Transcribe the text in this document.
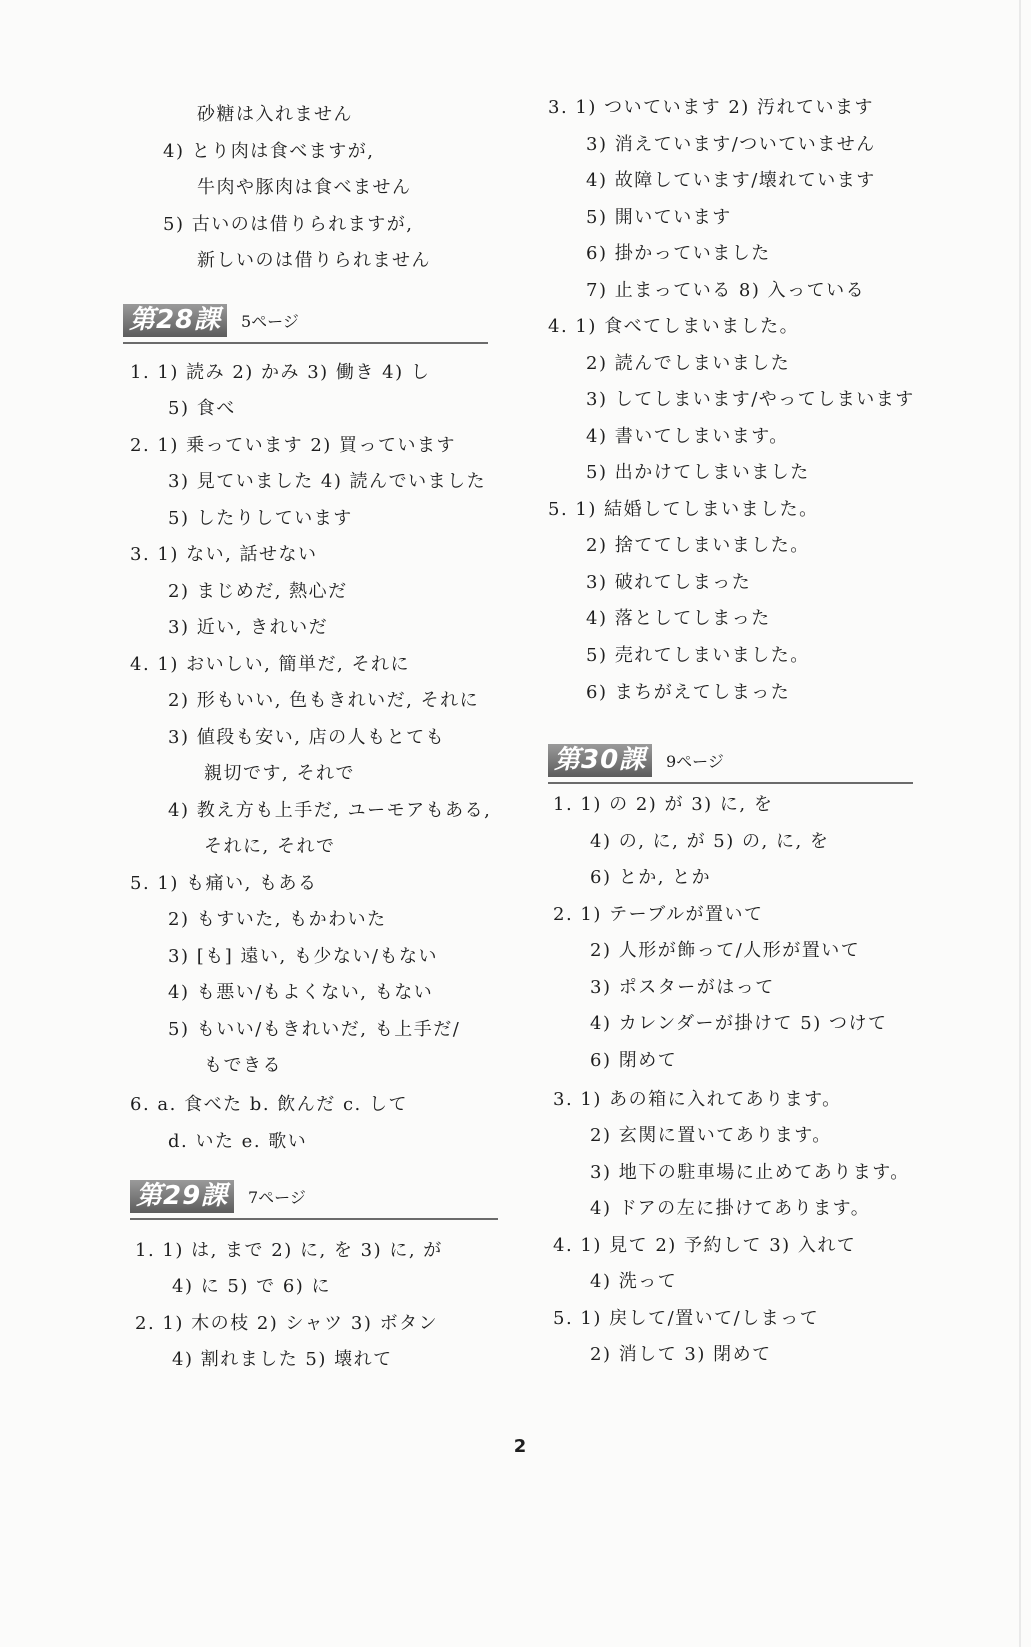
砂糖は入れません
4) とり肉は食べますが,
牛肉や豚肉は食べません
5) 古いのは借りられますが,
新しいのは借りられません
第28課	5ページ
1. 1) 読み 2) かみ 3) 働き 4) し
5) 食べ
2. 1) 乗っています 2) 買っています
3) 見ていました 4) 読んでいました
5) したりしています
3. 1) ない, 話せない
2) まじめだ, 熱心だ
3) 近い, きれいだ
4. 1) おいしい, 簡単だ, それに
2) 形もいい, 色もきれいだ, それに
3) 値段も安い, 店の人もとても
親切です, それで
4) 教え方も上手だ, ユーモアもある,
それに, それで
5. 1) も痛い, もある
2) もすいた, もかわいた
3) [も] 遠い, も少ない/もない
4) も悪い/もよくない, もない
5) もいい/もきれいだ, も上手だ/
もできる
6. a. 食べた b. 飲んだ c. して
d. いた e. 歌い
第29課	7ページ
1. 1) は, まで 2) に, を 3) に, が
4) に 5) で 6) に
2. 1) 木の枝 2) シャツ 3) ボタン
4) 割れました 5) 壊れて
3. 1) ついています 2) 汚れています
3) 消えています/ついていません
4) 故障しています/壊れています
5) 開いています
6) 掛かっていました
7) 止まっている 8) 入っている
4. 1) 食べてしまいました。
2) 読んでしまいました
3) してしまいます/やってしまいます
4) 書いてしまいます。
5) 出かけてしまいました
5. 1) 結婚してしまいました。
2) 捨ててしまいました。
3) 破れてしまった
4) 落としてしまった
5) 売れてしまいました。
6) まちがえてしまった
第30課	9ページ
1. 1) の 2) が 3) に, を
4) の, に, が 5) の, に, を
6) とか, とか
2. 1) テーブルが置いて
2) 人形が飾って/人形が置いて
3) ポスターがはって
4) カレンダーが掛けて 5) つけて
6) 閉めて
3. 1) あの箱に入れてあります。
2) 玄関に置いてあります。
3) 地下の駐車場に止めてあります。
4) ドアの左に掛けてあります。
4. 1) 見て 2) 予約して 3) 入れて
4) 洗って
5. 1) 戻して/置いて/しまって
2) 消して 3) 閉めて
2
